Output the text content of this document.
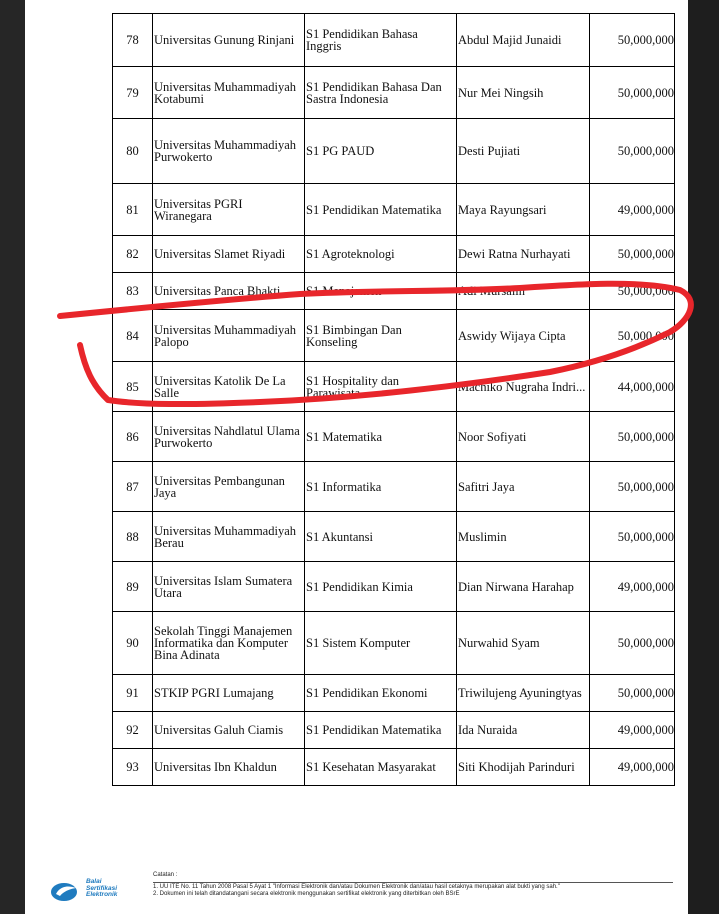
78	Universitas Gunung Rinjani	S1 Pendidikan Bahasa Inggris	Abdul Majid Junaidi	50,000,000
79	Universitas Muhammadiyah Kotabumi	S1 Pendidikan Bahasa Dan Sastra Indonesia	Nur Mei Ningsih	50,000,000
80	Universitas Muhammadiyah Purwokerto	S1 PG PAUD	Desti Pujiati	50,000,000
81	Universitas PGRI Wiranegara	S1 Pendidikan Matematika	Maya Rayungsari	49,000,000
82	Universitas Slamet Riyadi	S1 Agroteknologi	Dewi Ratna Nurhayati	50,000,000
83	Universitas Panca Bhakti	S1 Manajemen	Adi Mursalin	50,000,000
84	Universitas Muhammadiyah Palopo	S1 Bimbingan Dan Konseling	Aswidy Wijaya Cipta	50,000,000
85	Universitas Katolik De La Salle	S1 Hospitality dan Parawisata	Machiko Nugraha Indri...	44,000,000
86	Universitas Nahdlatul Ulama Purwokerto	S1 Matematika	Noor Sofiyati	50,000,000
87	Universitas Pembangunan Jaya	S1 Informatika	Safitri Jaya	50,000,000
88	Universitas Muhammadiyah Berau	S1 Akuntansi	Muslimin	50,000,000
89	Universitas Islam Sumatera Utara	S1 Pendidikan Kimia	Dian Nirwana Harahap	49,000,000
90	Sekolah Tinggi Manajemen Informatika dan Komputer Bina Adinata	S1 Sistem Komputer	Nurwahid Syam	50,000,000
91	STKIP PGRI Lumajang	S1 Pendidikan Ekonomi	Triwilujeng Ayuningtyas	50,000,000
92	Universitas Galuh Ciamis	S1 Pendidikan Matematika	Ida Nuraida	49,000,000
93	Universitas Ibn Khaldun	S1 Kesehatan Masyarakat	Siti Khodijah Parinduri	49,000,000
Balai
Sertifikasi
Elektronik
Catatan :
1. UU ITE No. 11 Tahun 2008 Pasal 5 Ayat 1 "Informasi Elektronik dan/atau Dokumen Elektronik dan/atau hasil cetaknya merupakan alat bukti yang sah."
2. Dokumen ini telah ditandatangani secara elektronik menggunakan sertifikat elektronik yang diterbitkan oleh BSrE
